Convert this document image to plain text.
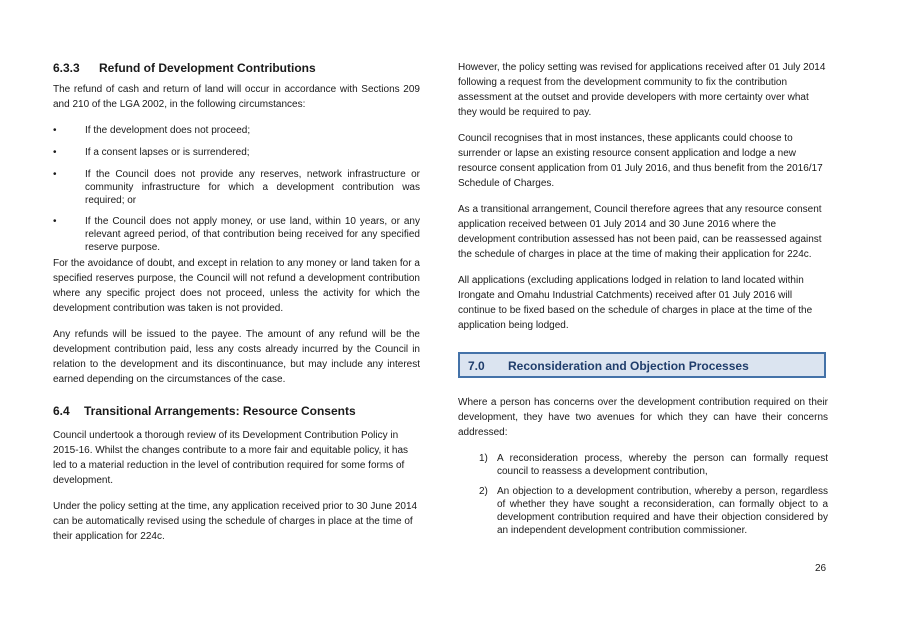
6.3.3 Refund of Development Contributions

The refund of cash and return of land will occur in accordance with Sections 209 and 210 of the LGA 2002, in the following circumstances:

• If the development does not proceed;
• If a consent lapses or is surrendered;
• If the Council does not provide any reserves, network infrastructure or community infrastructure for which a development contribution was required; or
• If the Council does not apply money, or use land, within 10 years, or any relevant agreed period, of that contribution being received for any specified reserve purpose.

For the avoidance of doubt, and except in relation to any money or land taken for a specified reserves purpose, the Council will not refund a development contribution where any specific project does not proceed, unless the activity for which the development contribution was taken is not provided.

Any refunds will be issued to the payee. The amount of any refund will be the development contribution paid, less any costs already incurred by the Council in relation to the development and its discontinuance, but may include any interest earned depending on the circumstances of the case.

6.4 Transitional Arrangements: Resource Consents

Council undertook a thorough review of its Development Contribution Policy in 2015-16. Whilst the changes contribute to a more fair and equitable policy, it has led to a material reduction in the level of contribution required for some forms of development.

Under the policy setting at the time, any application received prior to 30 June 2014 can be automatically revised using the schedule of charges in place at the time of their application for 224c.

However, the policy setting was revised for applications received after 01 July 2014 following a request from the development community to fix the contribution assessment at the outset and provide developers with more certainty over what they would be required to pay.

Council recognises that in most instances, these applicants could choose to surrender or lapse an existing resource consent application and lodge a new resource consent application from 01 July 2016, and thus benefit from the 2016/17 Schedule of Charges.

As a transitional arrangement, Council therefore agrees that any resource consent application received between 01 July 2014 and 30 June 2016 where the development contribution assessed has not been paid, can be reassessed against the schedule of charges in place at the time of making their application for 224c.

All applications (excluding applications lodged in relation to land located within Irongate and Omahu Industrial Catchments) received after 01 July 2016 will continue to be fixed based on the schedule of charges in place at the time of the application being lodged.

Where a person has concerns over the development contribution required on their development, they have two avenues for which they can have their concerns addressed:

1) A reconsideration process, whereby the person can formally request council to reassess a development contribution,
2) An objection to a development contribution, whereby a person, regardless of whether they have sought a reconsideration, can formally object to a development contribution required and have their objection considered by an independent development contribution commissioner.
7.0 Reconsideration and Objection Processes
26
